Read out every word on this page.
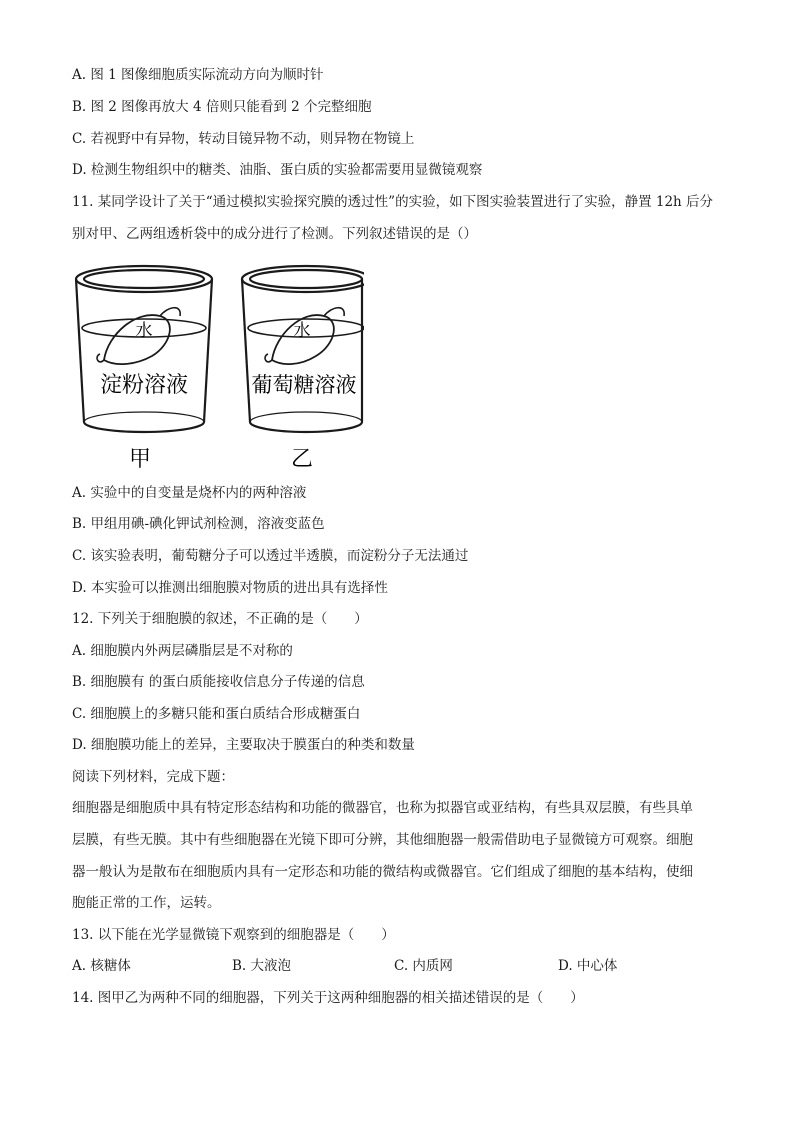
A. 图 1 图像细胞质实际流动方向为顺时针
B. 图 2 图像再放大 4 倍则只能看到 2 个完整细胞
C. 若视野中有异物，转动目镜异物不动，则异物在物镜上
D. 检测生物组织中的糖类、油脂、蛋白质的实验都需要用显微镜观察
11. 某同学设计了关于“通过模拟实验探究膜的透过性”的实验，如下图实验装置进行了实验，静置 12h 后分
别对甲、乙两组透析袋中的成分进行了检测。下列叙述错误的是（）
水
淀粉溶液
甲
水
葡萄糖溶液
乙
A. 实验中的自变量是烧杯内的两种溶液
B. 甲组用碘-碘化钾试剂检测，溶液变蓝色
C. 该实验表明，葡萄糖分子可以透过半透膜，而淀粉分子无法通过
D. 本实验可以推测出细胞膜对物质的进出具有选择性
12. 下列关于细胞膜的叙述，不正确的是（　　）
A. 细胞膜内外两层磷脂层是不对称的
B. 细胞膜有 的蛋白质能接收信息分子传递的信息
C. 细胞膜上的多糖只能和蛋白质结合形成糖蛋白
D. 细胞膜功能上的差异，主要取决于膜蛋白的种类和数量
阅读下列材料，完成下题：
细胞器是细胞质中具有特定形态结构和功能的微器官，也称为拟器官或亚结构，有些具双层膜，有些具单
层膜，有些无膜。其中有些细胞器在光镜下即可分辨，其他细胞器一般需借助电子显微镜方可观察。细胞
器一般认为是散布在细胞质内具有一定形态和功能的微结构或微器官。它们组成了细胞的基本结构，使细
胞能正常的工作，运转。
13. 以下能在光学显微镜下观察到的细胞器是（　　）
A. 核糖体	B. 大液泡	C. 内质网	D. 中心体
14. 图甲乙为两种不同的细胞器，下列关于这两种细胞器的相关描述错误的是（　　）
